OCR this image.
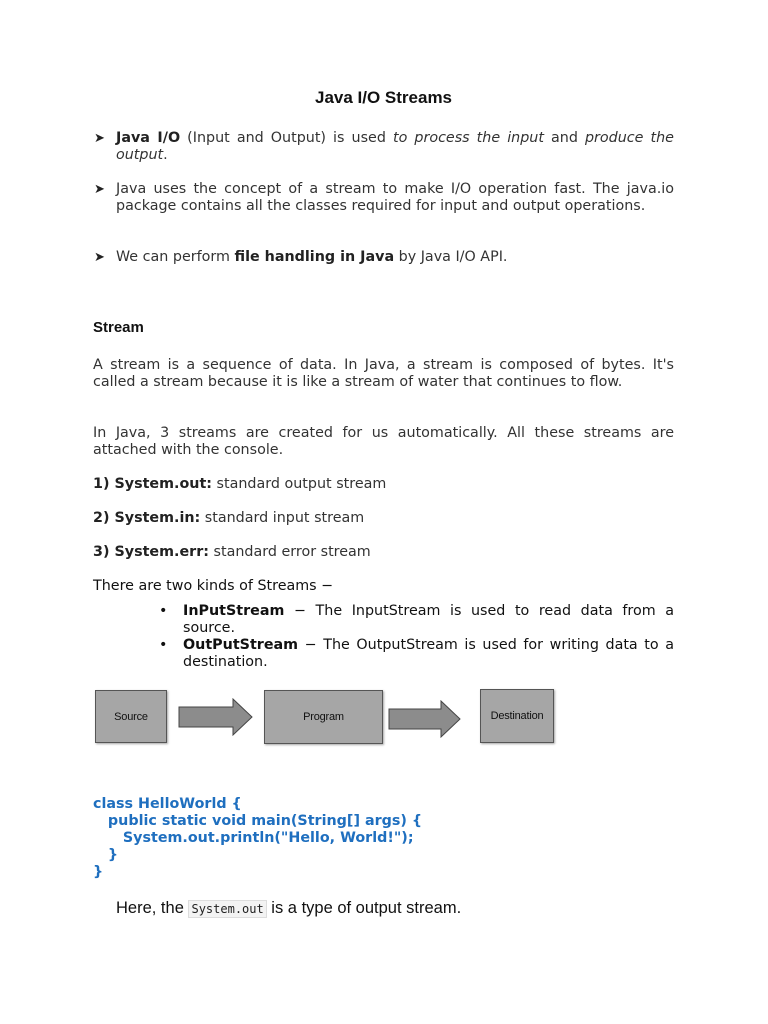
Java I/O Streams
➤ Java I/O (Input and Output) is used to process the input and produce the output.
➤ Java uses the concept of a stream to make I/O operation fast. The java.io package contains all the classes required for input and output operations.
➤ We can perform file handling in Java by Java I/O API.
Stream
A stream is a sequence of data. In Java, a stream is composed of bytes. It's called a stream because it is like a stream of water that continues to flow.
In Java, 3 streams are created for us automatically. All these streams are attached with the console.
1) System.out: standard output stream
2) System.in: standard input stream
3) System.err: standard error stream
There are two kinds of Streams −
• InPutStream − The InputStream is used to read data from a source.
• OutPutStream − The OutputStream is used for writing data to a destination.
Source	Program	Destination
class HelloWorld {
public static void main(String[] args) {
System.out.println("Hello, World!");
}
}
Here, the System.out is a type of output stream.
